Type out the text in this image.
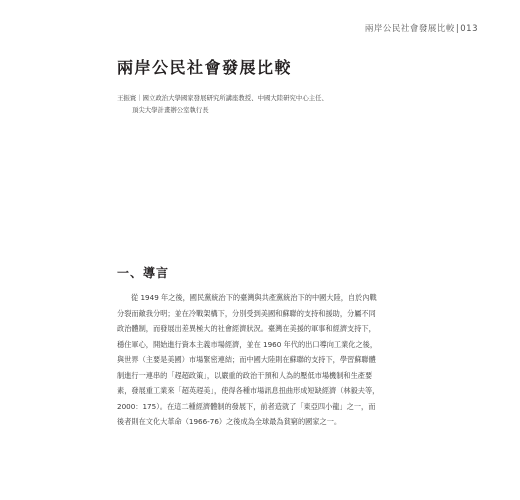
兩岸公民社會發展比較|013
兩岸公民社會發展比較
王振寰｜國立政治大學國家發展研究所講座教授、中國大陸研究中心主任、
頂尖大學計畫辦公室執行長
一、導言

從 1949 年之後，國民黨統治下的臺灣與共產黨統治下的中國大陸，自於內戰
分裂而敵我分明；並在冷戰架構下，分別受到美國和蘇聯的支持和援助，分屬不同
政治體制，而發展出差異極大的社會經濟狀況。臺灣在美援的軍事和經濟支持下，
穩住軍心，開始進行資本主義市場經濟，並在 1960 年代的出口導向工業化之後，
與世界（主要是美國）市場緊密連結；而中國大陸則在蘇聯的支持下，學習蘇聯體
制進行一連串的「趕超政策」，以嚴重的政治干預和人為的壓低市場機制和生產要
素，發展重工業來「超英趕美」，使得各種市場訊息扭曲形成短缺經濟（林毅夫等，
2000：175）。在這二種經濟體制的發展下，前者造就了「東亞四小龍」之一，而
後者則在文化大革命（1966-76）之後成為全球最為貧窮的國家之一。
